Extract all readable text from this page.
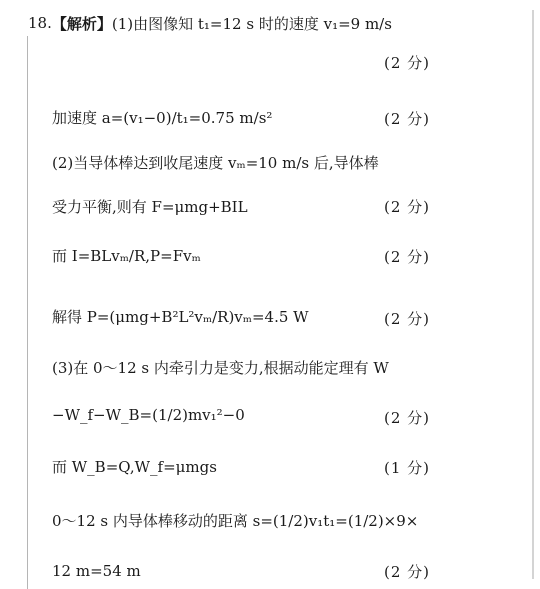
18. 【解析】 (1)由图像知 t₁=12 s 时的速度 v₁=9 m/s
(2 分)
加速度 a=(v₁−0)/t₁=0.75 m/s²	(2 分)
(2)当导体棒达到收尾速度 vₘ=10 m/s 后,导体棒
受力平衡,则有 F=μmg+BIL	(2 分)
而 I=BLvₘ/R,P=Fvₘ	(2 分)
解得 P=(μmg+B²L²vₘ/R)vₘ=4.5 W	(2 分)
(3)在 0～12 s 内牵引力是变力,根据动能定理有 W
−W_f−W_B=(1/2)mv₁²−0	(2 分)
而 W_B=Q,W_f=μmgs	(1 分)
0～12 s 内导体棒移动的距离 s=(1/2)v₁t₁=(1/2)×9×
12 m=54 m	(2 分)
